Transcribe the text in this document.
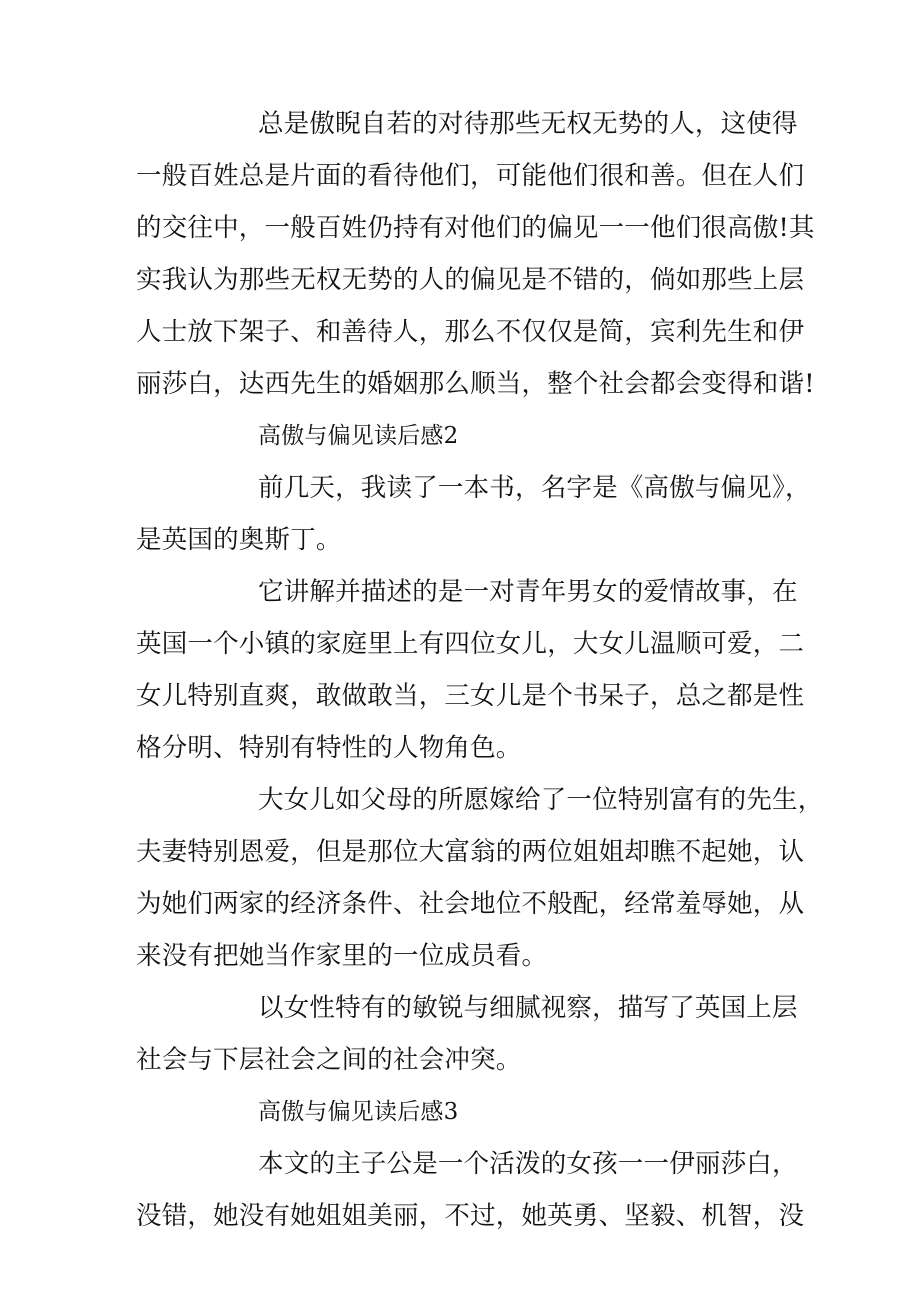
总是傲睨自若的对待那些无权无势的人，这使得
一般百姓总是片面的看待他们，可能他们很和善。但在人们
的交往中，一般百姓仍持有对他们的偏见一一他们很高傲!其
实我认为那些无权无势的人的偏见是不错的，倘如那些上层
人士放下架子、和善待人，那么不仅仅是简，宾利先生和伊
丽莎白，达西先生的婚姻那么顺当，整个社会都会变得和谐!
高傲与偏见读后感2
前几天，我读了一本书，名字是《高傲与偏见》，
是英国的奥斯丁。
它讲解并描述的是一对青年男女的爱情故事，在
英国一个小镇的家庭里上有四位女儿，大女儿温顺可爱，二
女儿特别直爽，敢做敢当，三女儿是个书呆子，总之都是性
格分明、特别有特性的人物角色。
大女儿如父母的所愿嫁给了一位特别富有的先生，
夫妻特别恩爱，但是那位大富翁的两位姐姐却瞧不起她，认
为她们两家的经济条件、社会地位不般配，经常羞辱她，从
来没有把她当作家里的一位成员看。
以女性特有的敏锐与细腻视察，描写了英国上层
社会与下层社会之间的社会冲突。
高傲与偏见读后感3
本文的主子公是一个活泼的女孩一一伊丽莎白，
没错，她没有她姐姐美丽，不过，她英勇、坚毅、机智，没
